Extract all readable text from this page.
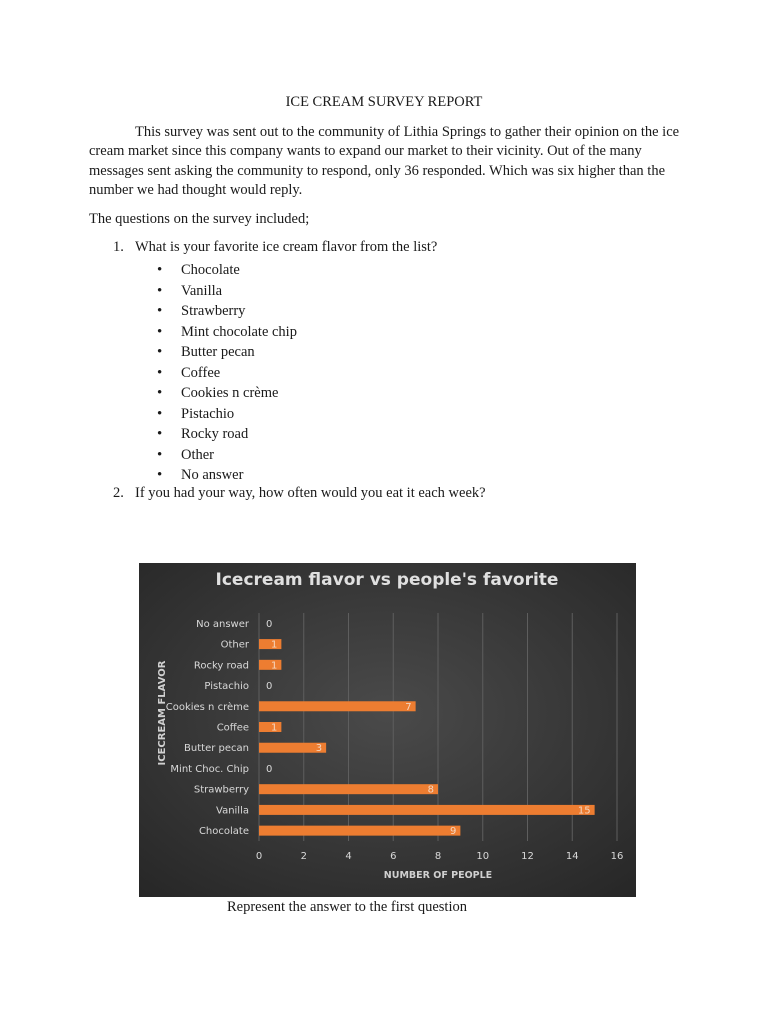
ICE CREAM SURVEY REPORT

This survey was sent out to the community of Lithia Springs to gather their opinion on the ice cream market since this company wants to expand our market to their vicinity. Out of the many messages sent asking the community to respond, only 36 responded. Which was six higher than the number we had thought would reply.

The questions on the survey included;

1. What is your favorite ice cream flavor from the list?

• Chocolate
• Vanilla
• Strawberry
• Mint chocolate chip
• Butter pecan
• Coffee
• Cookies n crème
• Pistachio
• Rocky road
• Other
• No answer

2. If you had your way, how often would you eat it each week?

Icecream flavor vs people's favorite
ICECREAM FLAVOR
NUMBER OF PEOPLE
0	2	4	6	8	10	12	14	16
Chocolate	9
Vanilla	15
Strawberry	8
Mint Choc. Chip 0
Butter pecan	3
Coffee 1
Cookies n crème	7
Pistachio 0
Rocky road 1
Other 1
No answer 0

Represent the answer to the first question
